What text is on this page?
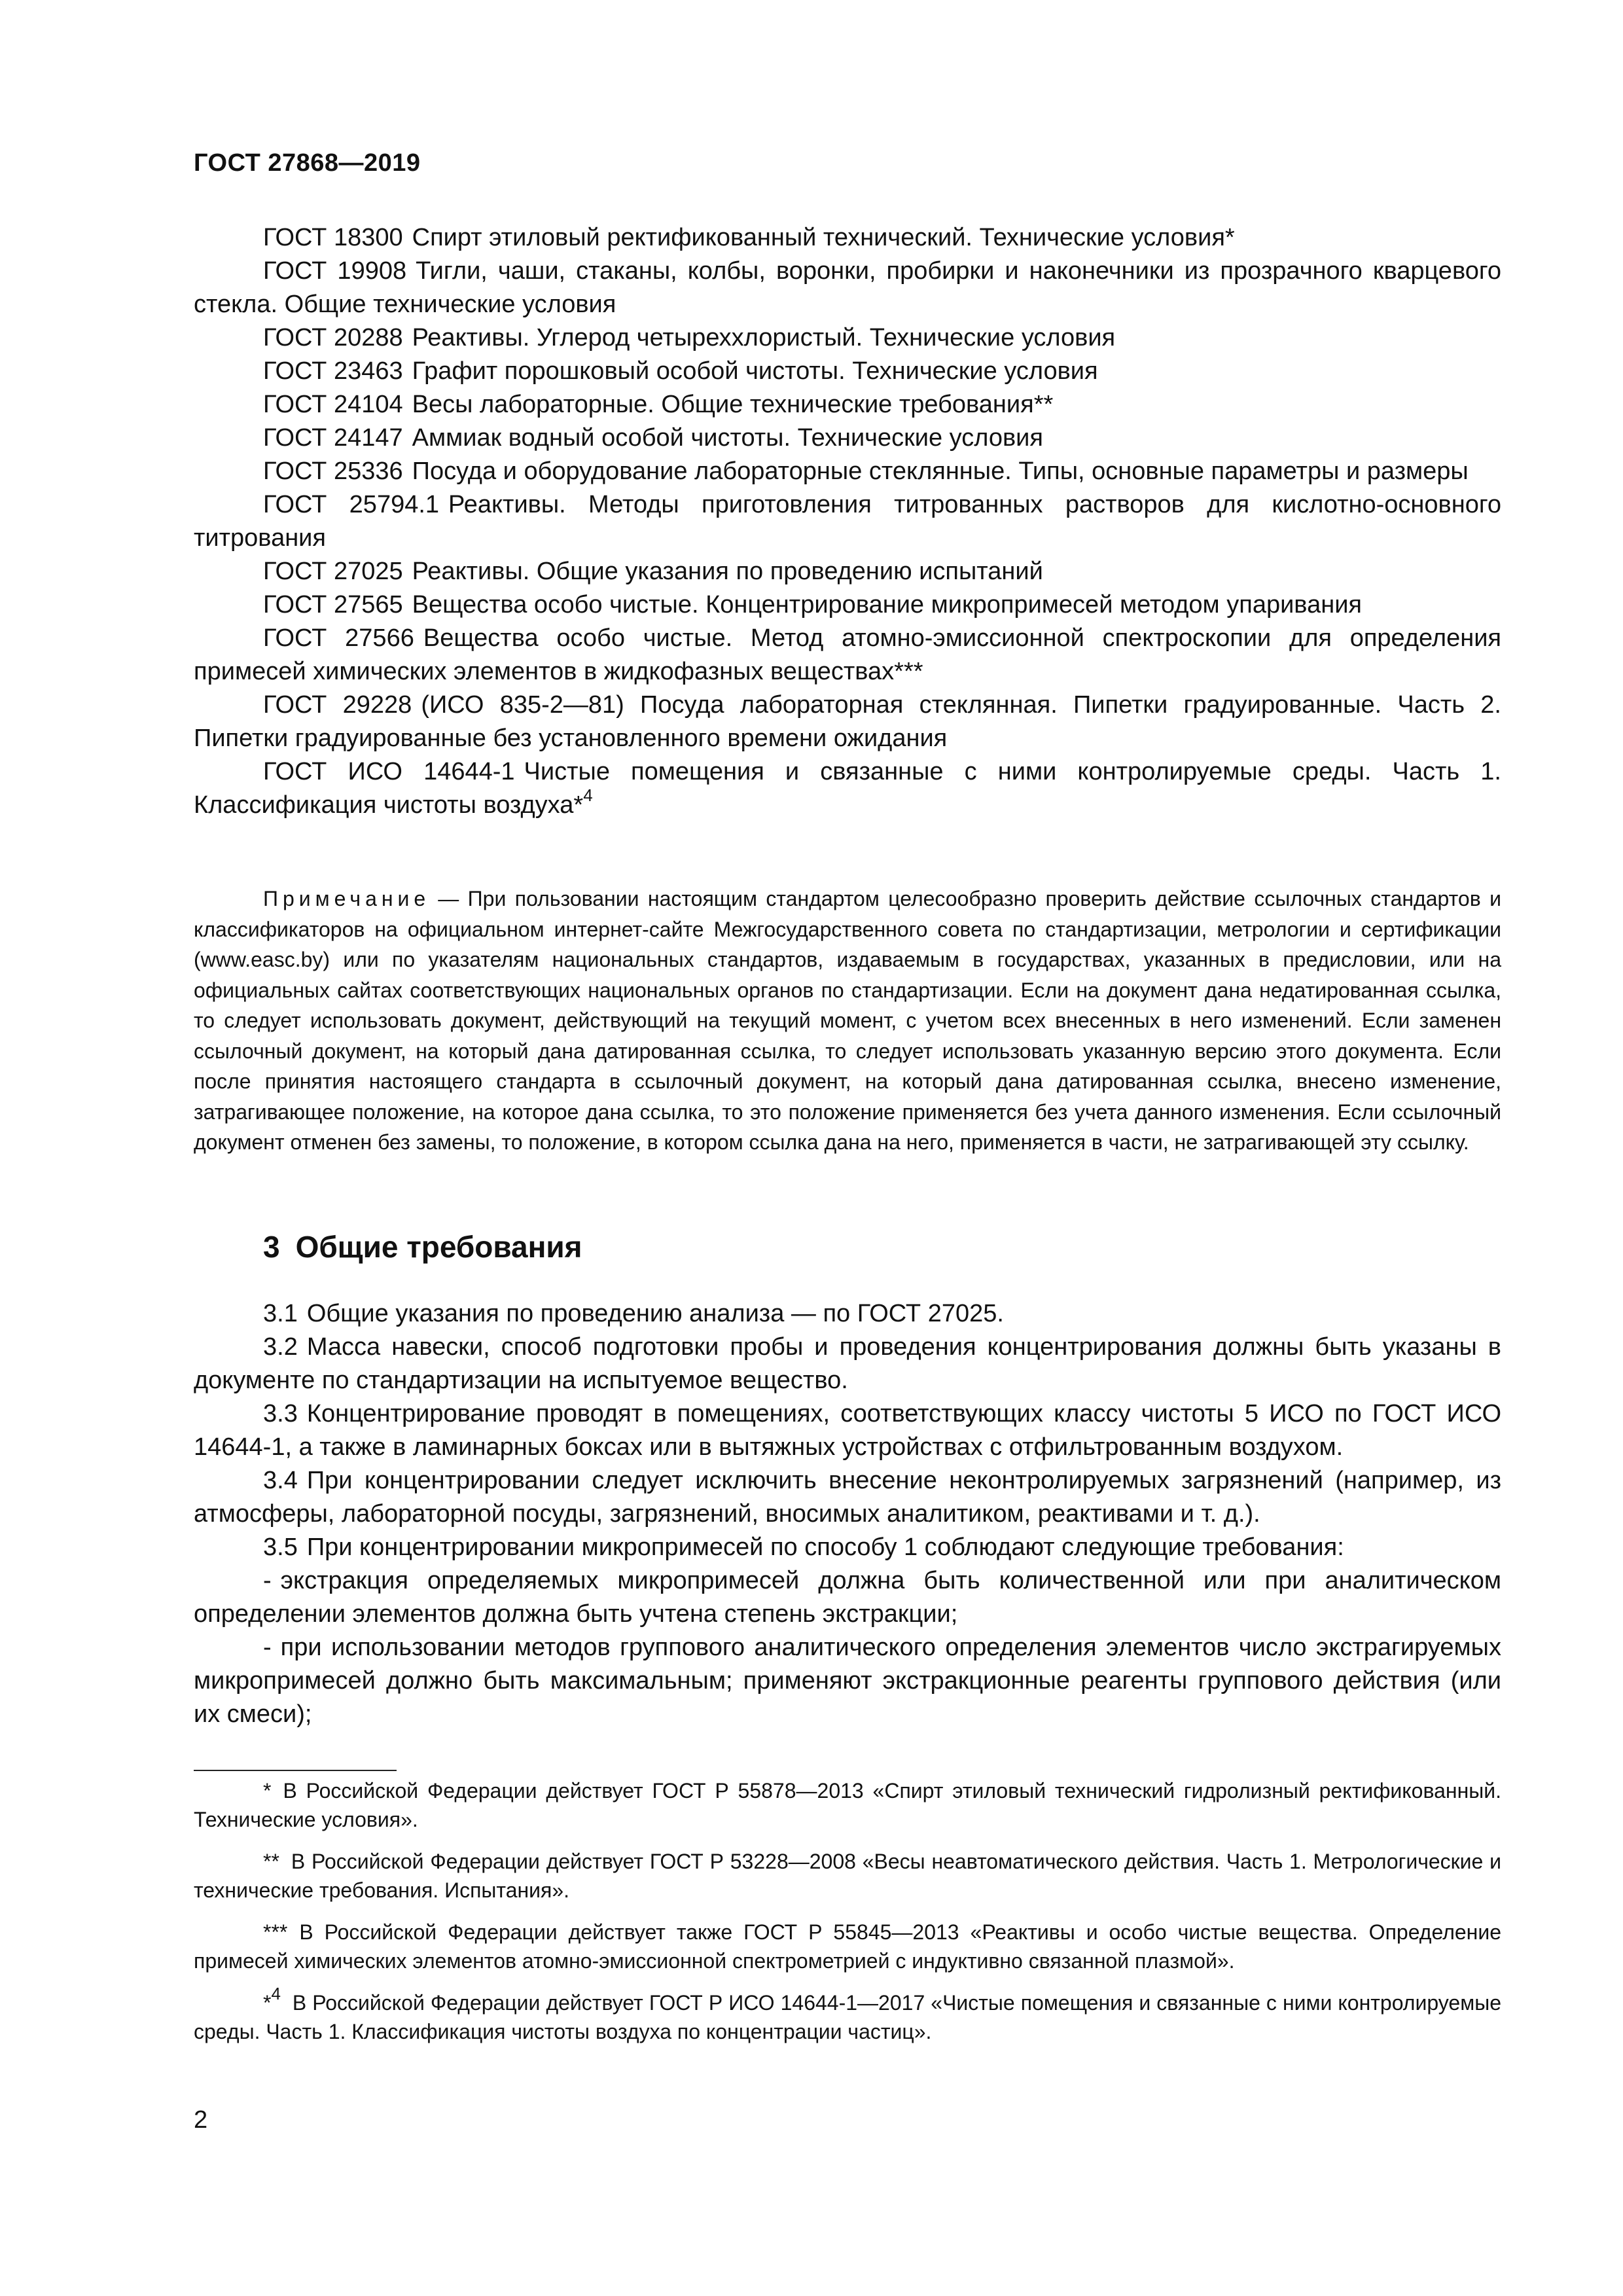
ГОСТ 27868—2019

ГОСТ 18300 Спирт этиловый ректификованный технический. Технические условия*

ГОСТ 19908 Тигли, чаши, стаканы, колбы, воронки, пробирки и наконечники из прозрачного кварцевого стекла. Общие технические условия

ГОСТ 20288 Реактивы. Углерод четыреххлористый. Технические условия

ГОСТ 23463 Графит порошковый особой чистоты. Технические условия

ГОСТ 24104 Весы лабораторные. Общие технические требования**

ГОСТ 24147 Аммиак водный особой чистоты. Технические условия

ГОСТ 25336 Посуда и оборудование лабораторные стеклянные. Типы, основные параметры и размеры

ГОСТ 25794.1 Реактивы. Методы приготовления титрованных растворов для кислотно-основного титрования

ГОСТ 27025 Реактивы. Общие указания по проведению испытаний

ГОСТ 27565 Вещества особо чистые. Концентрирование микропримесей методом упаривания

ГОСТ 27566 Вещества особо чистые. Метод атомно-эмиссионной спектроскопии для определения примесей химических элементов в жидкофазных веществах***

ГОСТ 29228 (ИСО 835-2—81) Посуда лабораторная стеклянная. Пипетки градуированные. Часть 2. Пипетки градуированные без установленного времени ожидания

ГОСТ ИСО 14644-1 Чистые помещения и связанные с ними контролируемые среды. Часть 1. Классификация чистоты воздуха*$^4$

Примечание — При пользовании настоящим стандартом целесообразно проверить действие ссылочных стандартов и классификаторов на официальном интернет-сайте Межгосударственного совета по стандартизации, метрологии и сертификации (www.easc.by) или по указателям национальных стандартов, издаваемым в государствах, указанных в предисловии, или на официальных сайтах соответствующих национальных органов по стандартизации. Если на документ дана недатированная ссылка, то следует использовать документ, действующий на текущий момент, с учетом всех внесенных в него изменений. Если заменен ссылочный документ, на который дана датированная ссылка, то следует использовать указанную версию этого документа. Если после принятия настоящего стандарта в ссылочный документ, на который дана датированная ссылка, внесено изменение, затрагивающее положение, на которое дана ссылка, то это положение применяется без учета данного изменения. Если ссылочный документ отменен без замены, то положение, в котором ссылка дана на него, применяется в части, не затрагивающей эту ссылку.

3 Общие требования

3.1 Общие указания по проведению анализа — по ГОСТ 27025.

3.2 Масса навески, способ подготовки пробы и проведения концентрирования должны быть указаны в документе по стандартизации на испытуемое вещество.

3.3 Концентрирование проводят в помещениях, соответствующих классу чистоты 5 ИСО по ГОСТ ИСО 14644-1, а также в ламинарных боксах или в вытяжных устройствах с отфильтрованным воздухом.

3.4 При концентрировании следует исключить внесение неконтролируемых загрязнений (например, из атмосферы, лабораторной посуды, загрязнений, вносимых аналитиком, реактивами и т. д.).

3.5 При концентрировании микропримесей по способу 1 соблюдают следующие требования:

- экстракция определяемых микропримесей должна быть количественной или при аналитическом определении элементов должна быть учтена степень экстракции;

- при использовании методов группового аналитического определения элементов число экстрагируемых микропримесей должно быть максимальным; применяют экстракционные реагенты группового действия (или их смеси);

* В Российской Федерации действует ГОСТ Р 55878—2013 «Спирт этиловый технический гидролизный ректификованный. Технические условия».

** В Российской Федерации действует ГОСТ Р 53228—2008 «Весы неавтоматического действия. Часть 1. Метрологические и технические требования. Испытания».

*** В Российской Федерации действует также ГОСТ Р 55845—2013 «Реактивы и особо чистые вещества. Определение примесей химических элементов атомно-эмиссионной спектрометрией с индуктивно связанной плазмой».

*$^4$ В Российской Федерации действует ГОСТ Р ИСО 14644-1—2017 «Чистые помещения и связанные с ними контролируемые среды. Часть 1. Классификация чистоты воздуха по концентрации частиц».

2
